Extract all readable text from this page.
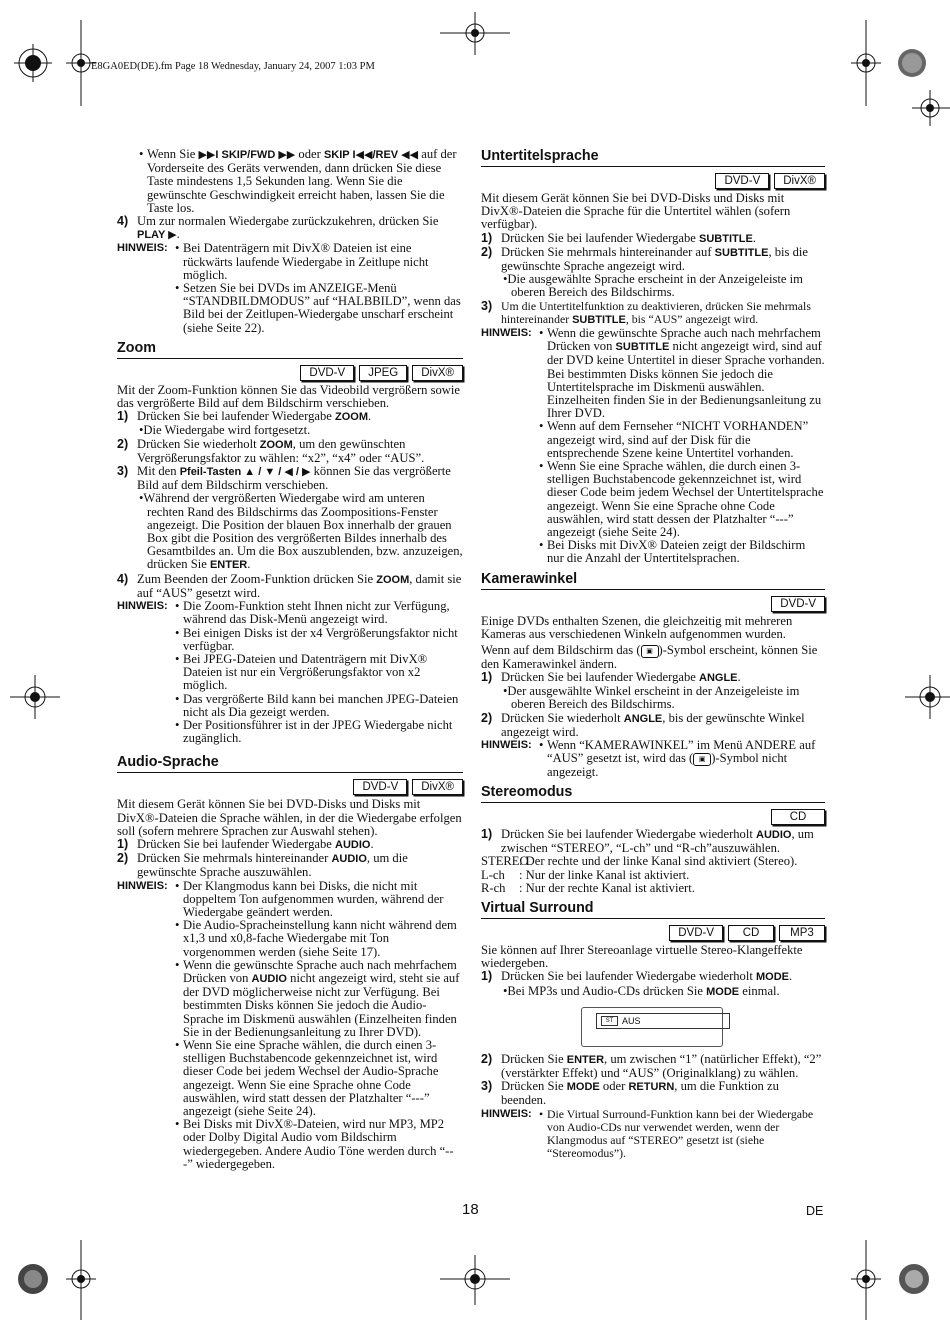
E8GA0ED(DE).fm Page 18 Wednesday, January 24, 2007 1:03 PM

• Wenn Sie ▶▶I SKIP/FWD ▶▶ oder SKIP I◀◀/REV ◀◀ auf der Vorderseite des Geräts verwenden, dann drücken Sie diese Taste mindestens 1,5 Sekunden lang. Wenn Sie die gewünschte Geschwindigkeit erreicht haben, lassen Sie die Taste los.

4) Um zur normalen Wiedergabe zurückzukehren, drücken Sie PLAY ▶.

HINWEIS: • Bei Datenträgern mit DivX® Dateien ist eine rückwärts laufende Wiedergabe in Zeitlupe nicht möglich.

• Setzen Sie bei DVDs im ANZEIGE-Menü “STANDBILDMODUS” auf “HALBBILD”, wenn das Bild bei der Zeitlupen-Wiedergabe unscharf erscheint (siehe Seite 22).

Zoom
DVD-V	JPEG	DivX®

Mit der Zoom-Funktion können Sie das Videobild vergrößern sowie das vergrößerte Bild auf dem Bildschirm verschieben.

1) Drücken Sie bei laufender Wiedergabe ZOOM.

•Die Wiedergabe wird fortgesetzt.

2) Drücken Sie wiederholt ZOOM, um den gewünschten Vergrößerungsfaktor zu wählen: “x2”, “x4” oder “AUS”.

3) Mit den Pfeil-Tasten ▲ / ▼ / ◀ / ▶ können Sie das vergrößerte Bild auf dem Bildschirm verschieben.

•Während der vergrößerten Wiedergabe wird am unteren rechten Rand des Bildschirms das Zoompositions-Fenster angezeigt. Die Position der blauen Box innerhalb der grauen Box gibt die Position des vergrößerten Bildes innerhalb des Gesamtbildes an. Um die Box auszublenden, bzw. anzuzeigen, drücken Sie ENTER.

4) Zum Beenden der Zoom-Funktion drücken Sie ZOOM, damit sie auf “AUS” gesetzt wird.

HINWEIS: • Die Zoom-Funktion steht Ihnen nicht zur Verfügung, während das Disk-Menü angezeigt wird.

• Bei einigen Disks ist der x4 Vergrößerungsfaktor nicht verfügbar.

• Bei JPEG-Dateien und Datenträgern mit DivX® Dateien ist nur ein Vergrößerungsfaktor von x2 möglich.

• Das vergrößerte Bild kann bei manchen JPEG-Dateien nicht als Dia gezeigt werden.

• Der Positionsführer ist in der JPEG Wiedergabe nicht zugänglich.

Audio-Sprache
DVD-V	DivX®

Mit diesem Gerät können Sie bei DVD-Disks und Disks mit DivX®-Dateien die Sprache wählen, in der die Wiedergabe erfolgen soll (sofern mehrere Sprachen zur Auswahl stehen).

1) Drücken Sie bei laufender Wiedergabe AUDIO.

2) Drücken Sie mehrmals hintereinander AUDIO, um die gewünschte Sprache auszuwählen.

HINWEIS: • Der Klangmodus kann bei Disks, die nicht mit doppeltem Ton aufgenommen wurden, während der Wiedergabe geändert werden.

• Die Audio-Spracheinstellung kann nicht während dem x1,3 und x0,8-fache Wiedergabe mit Ton vorgenommen werden (siehe Seite 17).

• Wenn die gewünschte Sprache auch nach mehrfachem Drücken von AUDIO nicht angezeigt wird, steht sie auf der DVD möglicherweise nicht zur Verfügung. Bei bestimmten Disks können Sie jedoch die Audio-Sprache im Diskmenü auswählen (Einzelheiten finden Sie in der Bedienungsanleitung zu Ihrer DVD).

• Wenn Sie eine Sprache wählen, die durch einen 3-stelligen Buchstabencode gekennzeichnet ist, wird dieser Code bei jedem Wechsel der Audio-Sprache angezeigt. Wenn Sie eine Sprache ohne Code auswählen, wird statt dessen der Platzhalter “---” angezeigt (siehe Seite 24).

• Bei Disks mit DivX®-Dateien, wird nur MP3, MP2 oder Dolby Digital Audio vom Bildschirm wiedergegeben. Andere Audio Töne werden durch “---” wiedergegeben.

Untertitelsprache
DVD-V	DivX®

Mit diesem Gerät können Sie bei DVD-Disks und Disks mit DivX®-Dateien die Sprache für die Untertitel wählen (sofern verfügbar).

1) Drücken Sie bei laufender Wiedergabe SUBTITLE.

2) Drücken Sie mehrmals hintereinander auf SUBTITLE, bis die gewünschte Sprache angezeigt wird.

•Die ausgewählte Sprache erscheint in der Anzeigeleiste im oberen Bereich des Bildschirms.

3) Um die Untertitelfunktion zu deaktivieren, drücken Sie mehrmals hintereinander SUBTITLE, bis “AUS” angezeigt wird.

HINWEIS: • Wenn die gewünschte Sprache auch nach mehrfachem Drücken von SUBTITLE nicht angezeigt wird, sind auf der DVD keine Untertitel in dieser Sprache vorhanden. Bei bestimmten Disks können Sie jedoch die Untertitelsprache im Diskmenü auswählen. Einzelheiten finden Sie in der Bedienungsanleitung zu Ihrer DVD.

• Wenn auf dem Fernseher “NICHT VORHANDEN” angezeigt wird, sind auf der Disk für die entsprechende Szene keine Untertitel vorhanden.

• Wenn Sie eine Sprache wählen, die durch einen 3-stelligen Buchstabencode gekennzeichnet ist, wird dieser Code beim jedem Wechsel der Untertitelsprache angezeigt. Wenn Sie eine Sprache ohne Code auswählen, wird statt dessen der Platzhalter “---” angezeigt (siehe Seite 24).

• Bei Disks mit DivX® Dateien zeigt der Bildschirm nur die Anzahl der Untertitelsprachen.

Kamerawinkel
DVD-V

Einige DVDs enthalten Szenen, die gleichzeitig mit mehreren Kameras aus verschiedenen Winkeln aufgenommen wurden.

Wenn auf dem Bildschirm das ( ▣ )-Symbol erscheint, können Sie den Kamerawinkel ändern.

1) Drücken Sie bei laufender Wiedergabe ANGLE.

•Der ausgewählte Winkel erscheint in der Anzeigeleiste im oberen Bereich des Bildschirms.

2) Drücken Sie wiederholt ANGLE, bis der gewünschte Winkel angezeigt wird.

HINWEIS: • Wenn “KAMERAWINKEL” im Menü ANDERE auf “AUS” gesetzt ist, wird das ( ▣ )-Symbol nicht angezeigt.

Stereomodus
CD

1) Drücken Sie bei laufender Wiedergabe wiederholt AUDIO, um zwischen “STEREO”, “L-ch” und “R-ch”auszuwählen.

STEREO
: Der rechte und der linke Kanal sind aktiviert (Stereo).
L-ch	: Nur der linke Kanal ist aktiviert.
R-ch	: Nur der rechte Kanal ist aktiviert.
Virtual Surround
DVD-V	CD	MP3

Sie können auf Ihrer Stereoanlage virtuelle Stereo-Klangeffekte wiedergeben.

1) Drücken Sie bei laufender Wiedergabe wiederholt MODE.

•Bei MP3s und Audio-CDs drücken Sie MODE einmal.

ST AUS

2) Drücken Sie ENTER, um zwischen “1” (natürlicher Effekt), “2” (verstärkter Effekt) und “AUS” (Originalklang) zu wählen.

3) Drücken Sie MODE oder RETURN, um die Funktion zu beenden.

HINWEIS: • Die Virtual Surround-Funktion kann bei der Wiedergabe von Audio-CDs nur verwendet werden, wenn der Klangmodus auf “STEREO” gesetzt ist (siehe “Stereomodus”).

18	DE
